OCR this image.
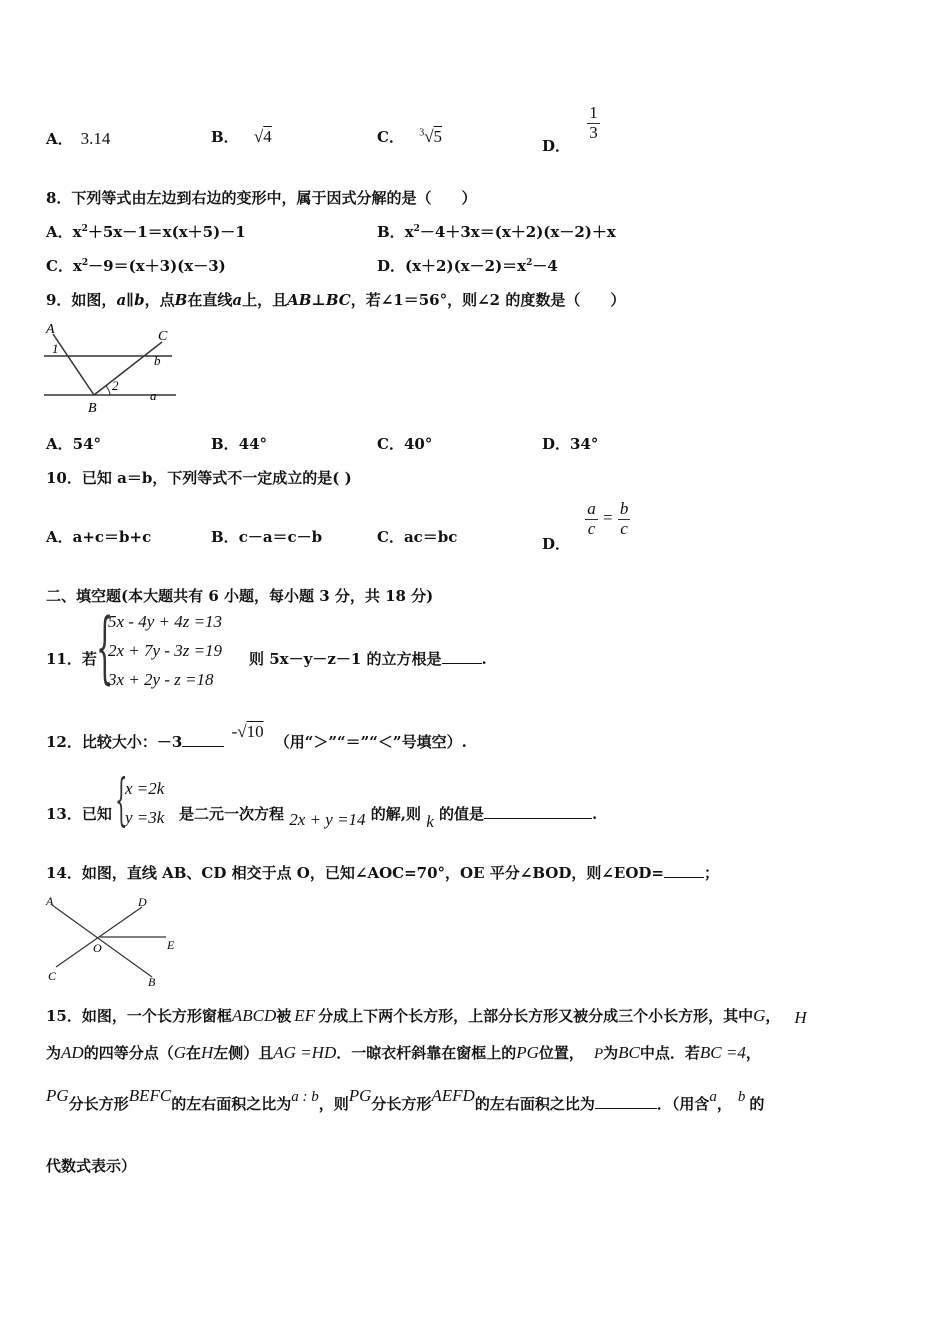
A． 3.14	B． √4	C． $^3$√5
D．
$\frac{1}{3}$
8．下列等式由左边到右边的变形中，属于因式分解的是（　　）
A．$x^2+5x-1=x(x+5)-1$	B．$x^2-4+3x=(x+2)(x-2)+x$
C．$x^2-9=(x+3)(x-3)$	D．$(x+2)(x-2)=x^2-4$
9．如图，a∥b，点B在直线a上，且AB⊥BC，若∠1＝56°，则∠2 的度数是（　　）
A	C
1
2
b
a
B
A．54°	B．44°	C．40°	D．34°
10．已知 a＝b，下列等式不一定成立的是( )
A．a+c＝b+c	B．c－a＝c－b	C．ac＝bc	D．
$\frac{a}{c} = \frac{b}{c}$
二、填空题(本大题共有 6 小题，每小题 3 分，共 18 分)
11．若 {
5x - 4y + 4z =13
2x + 7y - 3z =19
3x + 2y - z =18
则 5x－y－z－1 的立方根是	.
12．比较大小：－3 -√10 （用“＞”“＝”“＜”号填空）.
13．已知 {
x =2k
y =3k 是二元一次方程 2x + y =14 的解,则 k 的值是	.
14．如图，直线 AB、CD 相交于点 O，已知∠AOC=70°，OE 平分∠BOD，则∠EOD=	；
A	D
O	E
C	B
15．如图，一个长方形窗框ABCD被 EF 分成上下两个长方形，上部分长方形又被分成三个小长方形，其中G， H
为AD的四等分点（G在H左侧）且AG =HD．一晾衣杆斜靠在窗框上的PG位置， P为BC中点．若BC =4，
PG分长方形BEFC的左右面积之比为a : b，则PG分长方形AEFD的左右面积之比为	．（用含a， b 的
代数式表示）
